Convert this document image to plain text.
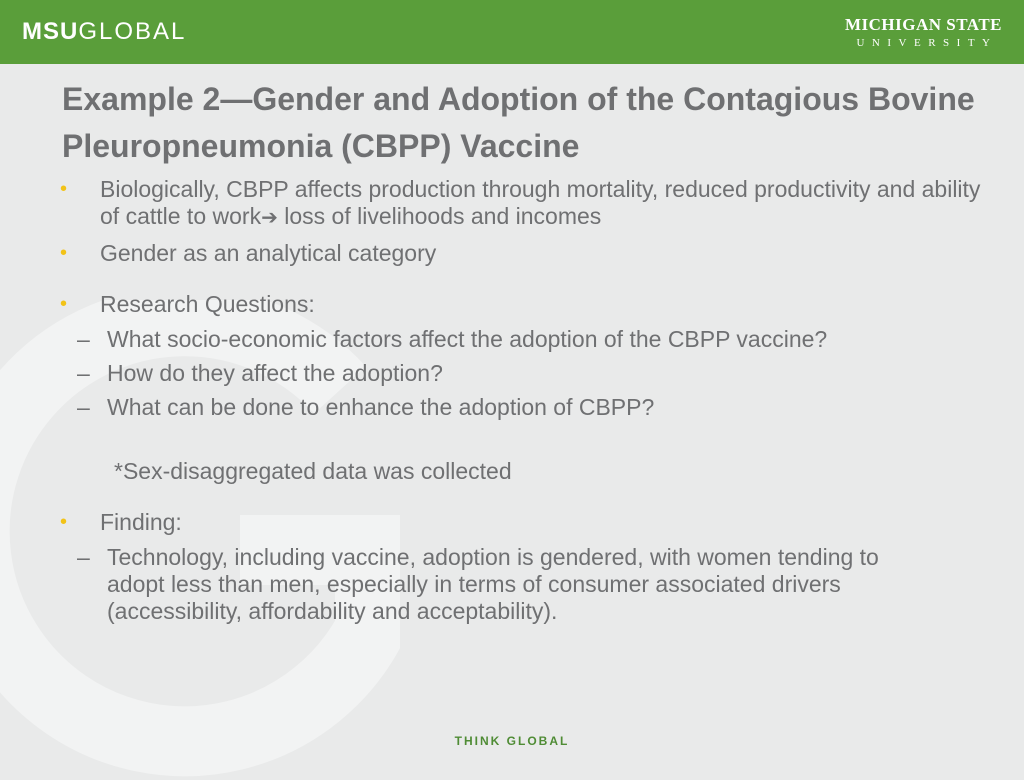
MSUGLOBAL	MICHIGAN STATE
UNIVERSITY
Example 2—Gender and Adoption of the Contagious Bovine Pleuropneumonia (CBPP) Vaccine
• Biologically, CBPP affects production through mortality, reduced productivity and ability of cattle to work➔ loss of livelihoods and incomes
• Gender as an analytical category
• Research Questions:
– What socio-economic factors affect the adoption of the CBPP vaccine?
– How do they affect the adoption?
– What can be done to enhance the adoption of CBPP?
*Sex-disaggregated data was collected
• Finding:
– Technology, including vaccine, adoption is gendered, with women tending to adopt less than men, especially in terms of consumer associated drivers (accessibility, affordability and acceptability).
THINK GLOBAL
